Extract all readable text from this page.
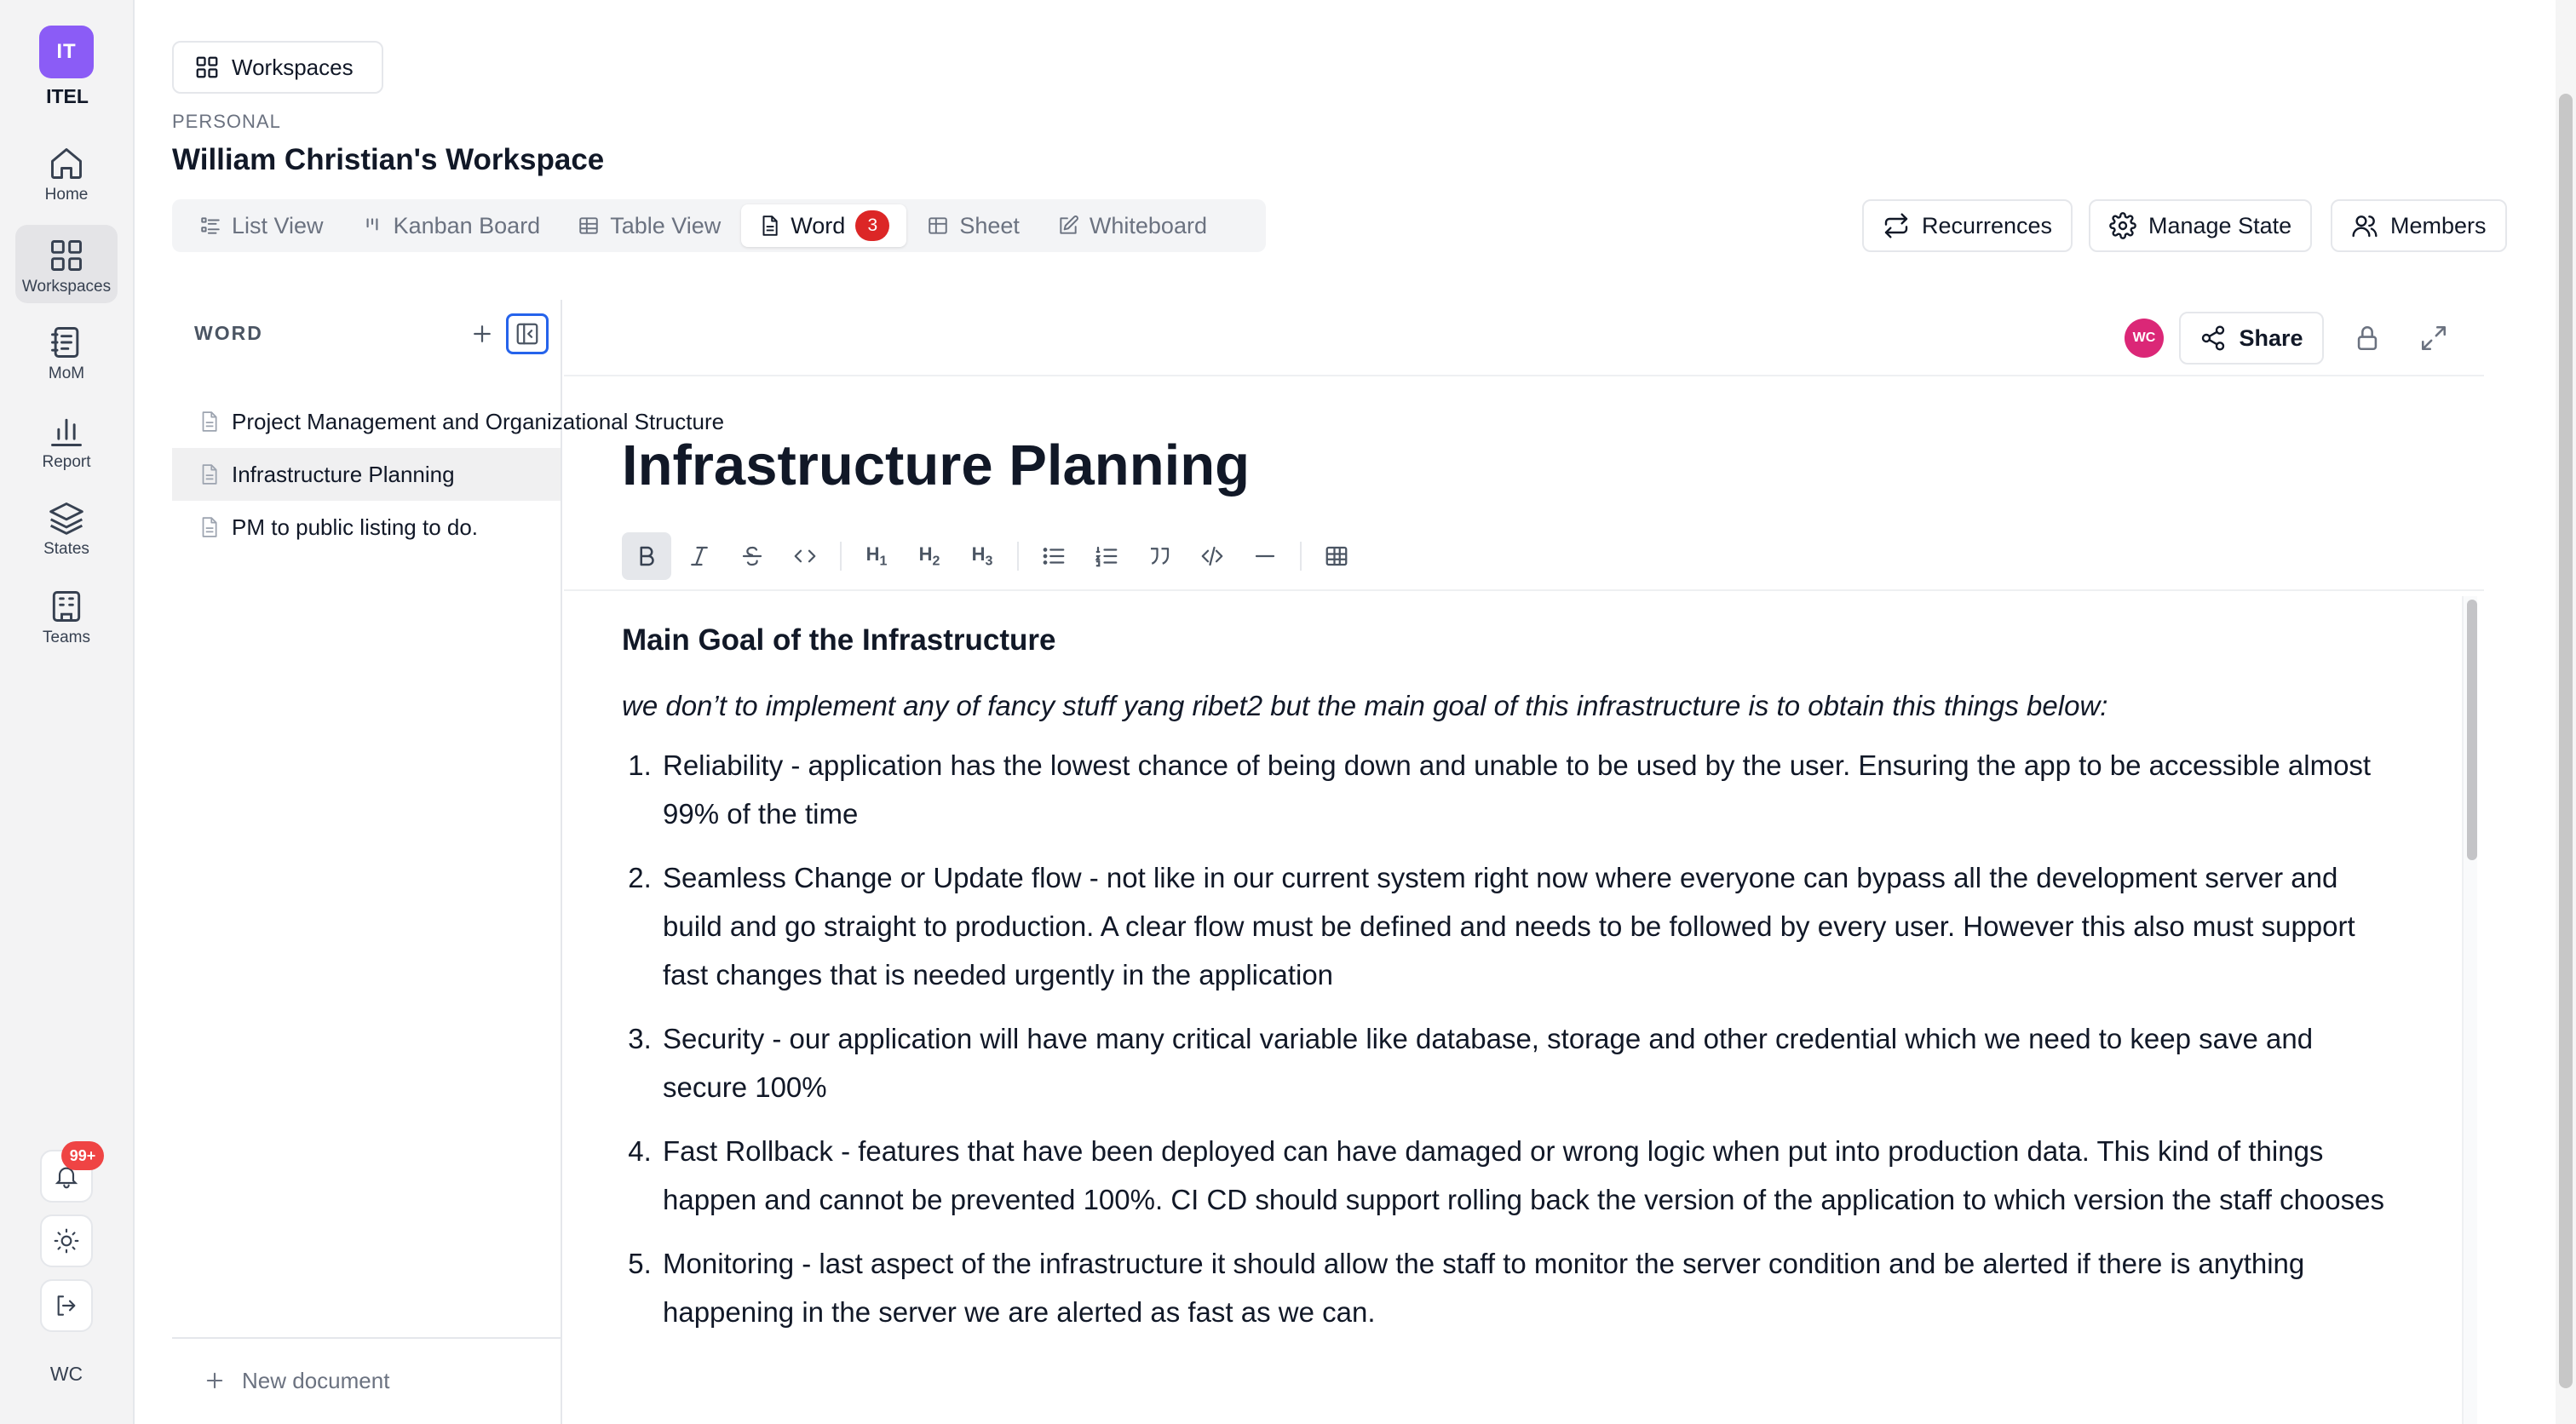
IT
ITEL
Home
Workspaces
MoM
Report
States
Teams
99+
WC
Workspaces
PERSONAL
William Christian's Workspace
List View	Kanban Board	Table View	Word	3	Sheet	Whiteboard	Recurrences	Manage State	Members
WORD
Project Management and Organizational Structure
Infrastructure Planning
PM to public listing to do.
New document
WC	Share
Infrastructure Planning
$H_1$ $H_2$ $H_3$
Main Goal of the Infrastructure

we don’t to implement any of fancy stuff yang ribet2 but the main goal of this infrastructure is to obtain this things below:

1. Reliability - application has the lowest chance of being down and unable to be used by the user. Ensuring the app to be accessible almost 99% of the time
2. Seamless Change or Update flow - not like in our current system right now where everyone can bypass all the development server and build and go straight to production. A clear flow must be defined and needs to be followed by every user. However this also must support fast changes that is needed urgently in the application
3. Security - our application will have many critical variable like database, storage and other credential which we need to keep save and secure 100%
4. Fast Rollback - features that have been deployed can have damaged or wrong logic when put into production data. This kind of things happen and cannot be prevented 100%. CI CD should support rolling back the version of the application to which version the staff chooses
5. Monitoring - last aspect of the infrastructure it should allow the staff to monitor the server condition and be alerted if there is anything happening in the server we are alerted as fast as we can.
